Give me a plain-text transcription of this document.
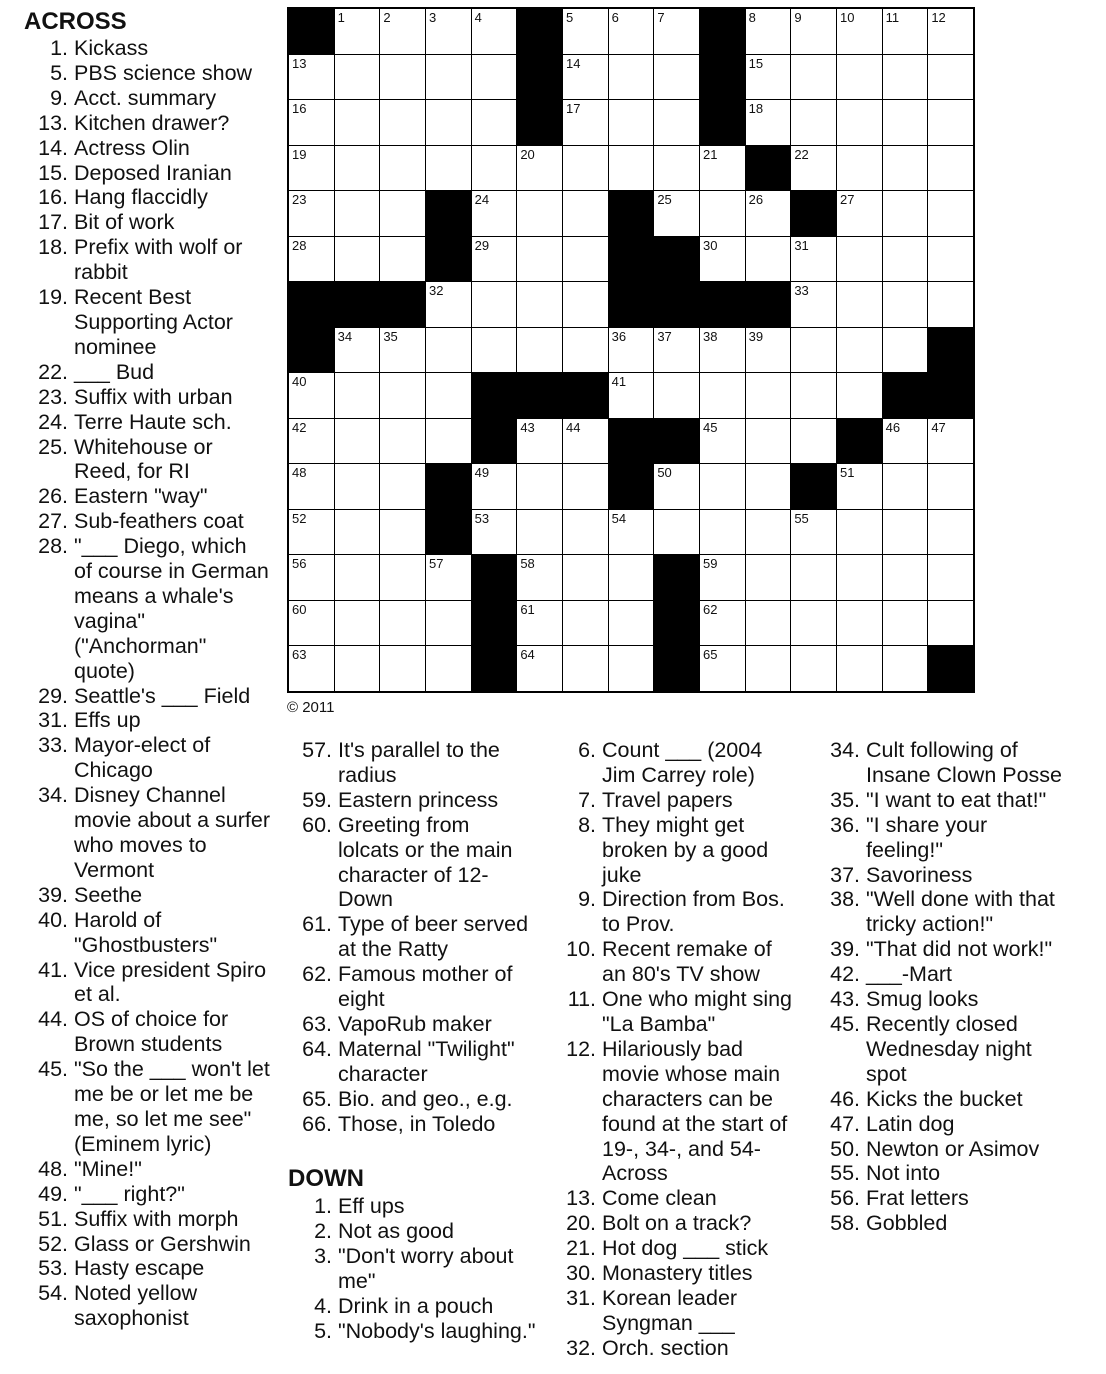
ACROSS
1. Kickass
5. PBS science show
9. Acct. summary
13. Kitchen drawer?
14. Actress Olin
15. Deposed Iranian
16. Hang flaccidly
17. Bit of work
18. Prefix with wolf or rabbit
19. Recent Best Supporting Actor nominee
22. ___ Bud
23. Suffix with urban
24. Terre Haute sch.
25. Whitehouse or Reed, for RI
26. Eastern "way"
27. Sub-feathers coat
28. "___ Diego, which of course in German means a whale's vagina" ("Anchorman" quote)
29. Seattle's ___ Field
31. Effs up
33. Mayor-elect of Chicago
34. Disney Channel movie about a surfer who moves to Vermont
39. Seethe
40. Harold of "Ghostbusters"
41. Vice president Spiro et al.
44. OS of choice for Brown students
45. "So the ___ won't let me be or let me be me, so let me see" (Eminem lyric)
48. "Mine!"
49. "___ right?"
51. Suffix with morph
52. Glass or Gershwin
53. Hasty escape
54. Noted yellow saxophonist
1	2	3	4	5	6	7	8	9	10 11 12
13	14	15
16	17	18
19	20	21	22
23	24	25	26	27
28	29	30	31
32	33
34 35	36 37 38 39
40	41
42	43 44	45	46 47
48	49	50	51
52	53	54	55
56	57	58	59
60	61	62
63	64	65
© 2011
57. It's parallel to the radius
59. Eastern princess
60. Greeting from lolcats or the main character of 12-Down
61. Type of beer served at the Ratty
62. Famous mother of eight
63. VapoRub maker
64. Maternal "Twilight" character
65. Bio. and geo., e.g.
66. Those, in Toledo
DOWN
1. Eff ups
2. Not as good
3. "Don't worry about me"
4. Drink in a pouch
5. "Nobody's laughing."
6. Count ___ (2004 Jim Carrey role)
7. Travel papers
8. They might get broken by a good juke
9. Direction from Bos. to Prov.
10. Recent remake of an 80's TV show
11. One who might sing "La Bamba"
12. Hilariously bad movie whose main characters can be found at the start of 19-, 34-, and 54-Across
13. Come clean
20. Bolt on a track?
21. Hot dog ___ stick
30. Monastery titles
31. Korean leader Syngman ___
32. Orch. section
34. Cult following of Insane Clown Posse
35. "I want to eat that!"
36. "I share your feeling!"
37. Savoriness
38. "Well done with that tricky action!"
39. "That did not work!"
42. ___-Mart
43. Smug looks
45. Recently closed Wednesday night spot
46. Kicks the bucket
47. Latin dog
50. Newton or Asimov
55. Not into
56. Frat letters
58. Gobbled
